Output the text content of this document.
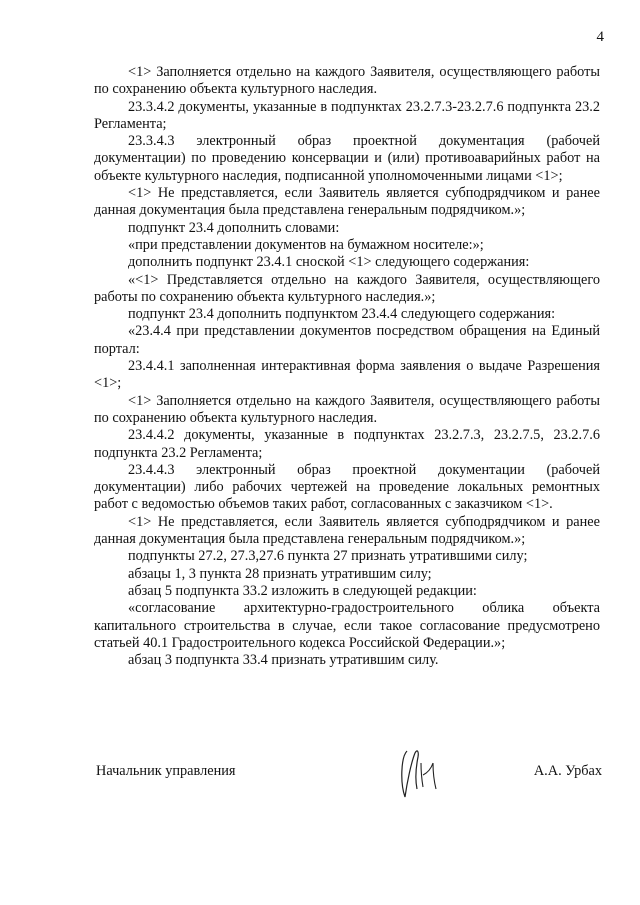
4

<1> Заполняется отдельно на каждого Заявителя, осуществляющего работы по сохранению объекта культурного наследия.

23.3.4.2 документы, указанные в подпунктах 23.2.7.3-23.2.7.6 подпункта 23.2 Регламента;

23.3.4.3 электронный образ проектной документация (рабочей документации) по проведению консервации и (или) противоаварийных работ на объекте культурного наследия, подписанной уполномоченными лицами <1>;

<1> Не представляется, если Заявитель является субподрядчиком и ранее данная документация была представлена генеральным подрядчиком.»;

подпункт 23.4 дополнить словами:

«при представлении документов на бумажном носителе:»;

дополнить подпункт 23.4.1 сноской <1> следующего содержания:

«<1> Представляется отдельно на каждого Заявителя, осуществляющего работы по сохранению объекта культурного наследия.»;

подпункт 23.4 дополнить подпунктом 23.4.4 следующего содержания:

«23.4.4 при представлении документов посредством обращения на Единый портал:

23.4.4.1 заполненная интерактивная форма заявления о выдаче Разрешения <1>;

<1> Заполняется отдельно на каждого Заявителя, осуществляющего работы по сохранению объекта культурного наследия.

23.4.4.2 документы, указанные в подпунктах 23.2.7.3, 23.2.7.5, 23.2.7.6 подпункта 23.2 Регламента;

23.4.4.3 электронный образ проектной документации (рабочей документации) либо рабочих чертежей на проведение локальных ремонтных работ с ведомостью объемов таких работ, согласованных с заказчиком <1>.

<1> Не представляется, если Заявитель является субподрядчиком и ранее данная документация была представлена генеральным подрядчиком.»;

подпункты 27.2, 27.3,27.6 пункта 27 признать утратившими силу;

абзацы 1, 3 пункта 28 признать утратившим силу;

абзац 5 подпункта 33.2 изложить в следующей редакции:

«согласование архитектурно-градостроительного облика объекта капитального строительства в случае, если такое согласование предусмотрено статьей 40.1 Градостроительного кодекса Российской Федерации.»;

абзац 3 подпункта 33.4 признать утратившим силу.

Начальник управления	А.А. Урбах
